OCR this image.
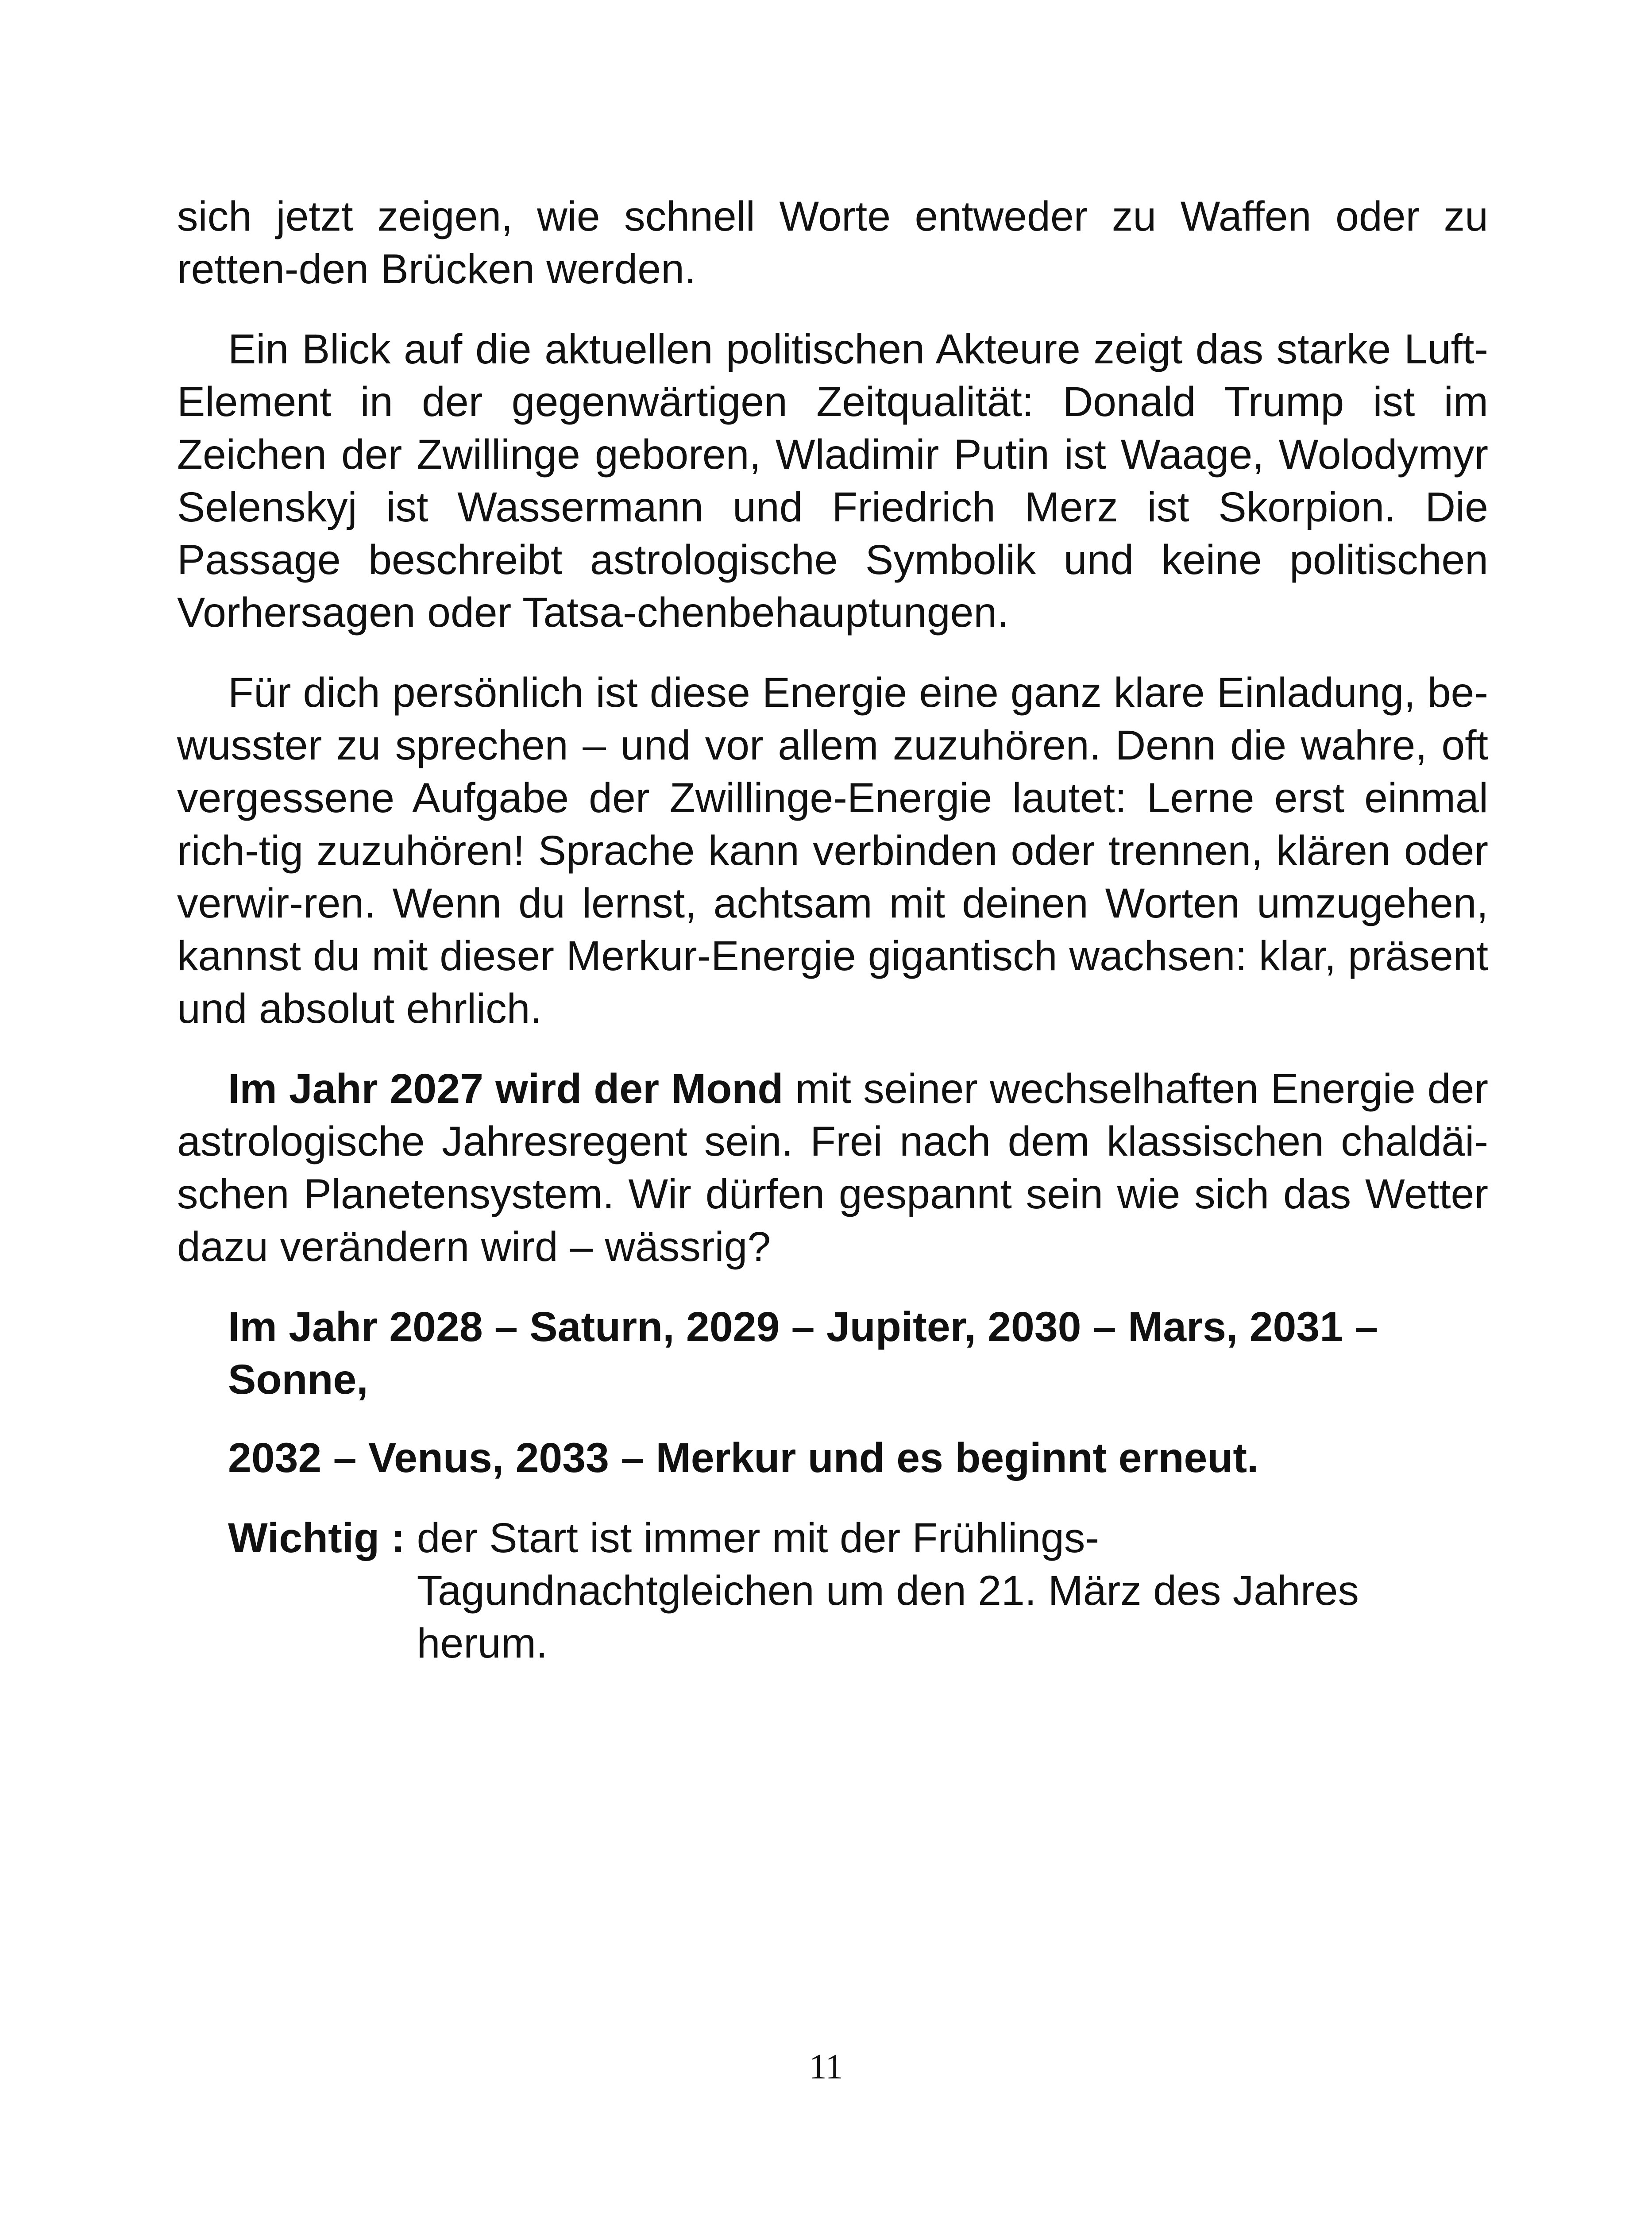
sich jetzt zeigen, wie schnell Worte entweder zu Waffen oder zu retten-den Brücken werden.

Ein Blick auf die aktuellen politischen Akteure zeigt das starke Luft-Element in der gegenwärtigen Zeitqualität: Donald Trump ist im Zeichen der Zwillinge geboren, Wladimir Putin ist Waage, Wolodymyr Selenskyj ist Wassermann und Friedrich Merz ist Skorpion. Die Passage beschreibt astrologische Symbolik und keine politischen Vorhersagen oder Tatsa-chenbehauptungen.

Für dich persönlich ist diese Energie eine ganz klare Einladung, be-wusster zu sprechen – und vor allem zuzuhören. Denn die wahre, oft vergessene Aufgabe der Zwillinge-Energie lautet: Lerne erst einmal rich-tig zuzuhören! Sprache kann verbinden oder trennen, klären oder verwir-ren. Wenn du lernst, achtsam mit deinen Worten umzugehen, kannst du mit dieser Merkur-Energie gigantisch wachsen: klar, präsent und absolut ehrlich.

Im Jahr 2027 wird der Mond mit seiner wechselhaften Energie der astrologische Jahresregent sein. Frei nach dem klassischen chaldäi-schen Planetensystem. Wir dürfen gespannt sein wie sich das Wetter dazu verändern wird – wässrig?

Im Jahr 2028 – Saturn, 2029 – Jupiter, 2030 – Mars, 2031 – Sonne,

2032 – Venus, 2033 – Merkur und es beginnt erneut.

Wichtig : der Start ist immer mit der Frühlings-Tagundnachtgleichen um den 21. März des Jahres herum.
11
